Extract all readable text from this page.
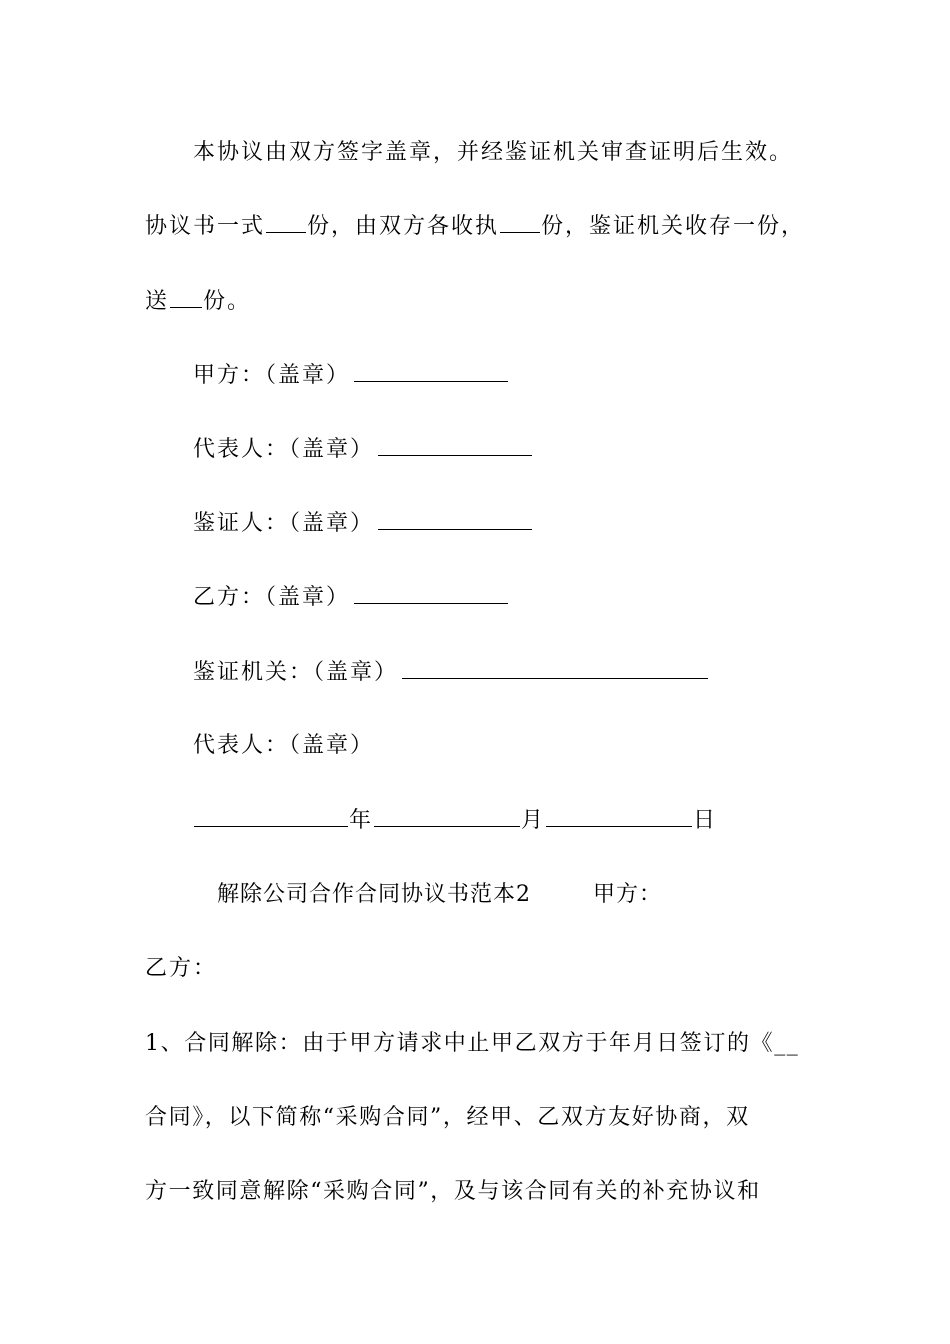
本协议由双方签字盖章，并经鉴证机关审查证明后生效。
协议书一式 份，由双方各收执 份，鉴证机关收存一份，
送 份。
甲方：（盖章）
代表人：（盖章）
鉴证人：（盖章）
乙方：（盖章）
鉴证机关：（盖章）
代表人：（盖章）
年	月	日
解除公司合作合同协议书范本2	甲方：
乙方：
1、合同解除：由于甲方请求中止甲乙双方于年月日签订的《__
合同》，以下简称“采购合同”，经甲、乙双方友好协商，双
方一致同意解除“采购合同”，及与该合同有关的补充协议和
